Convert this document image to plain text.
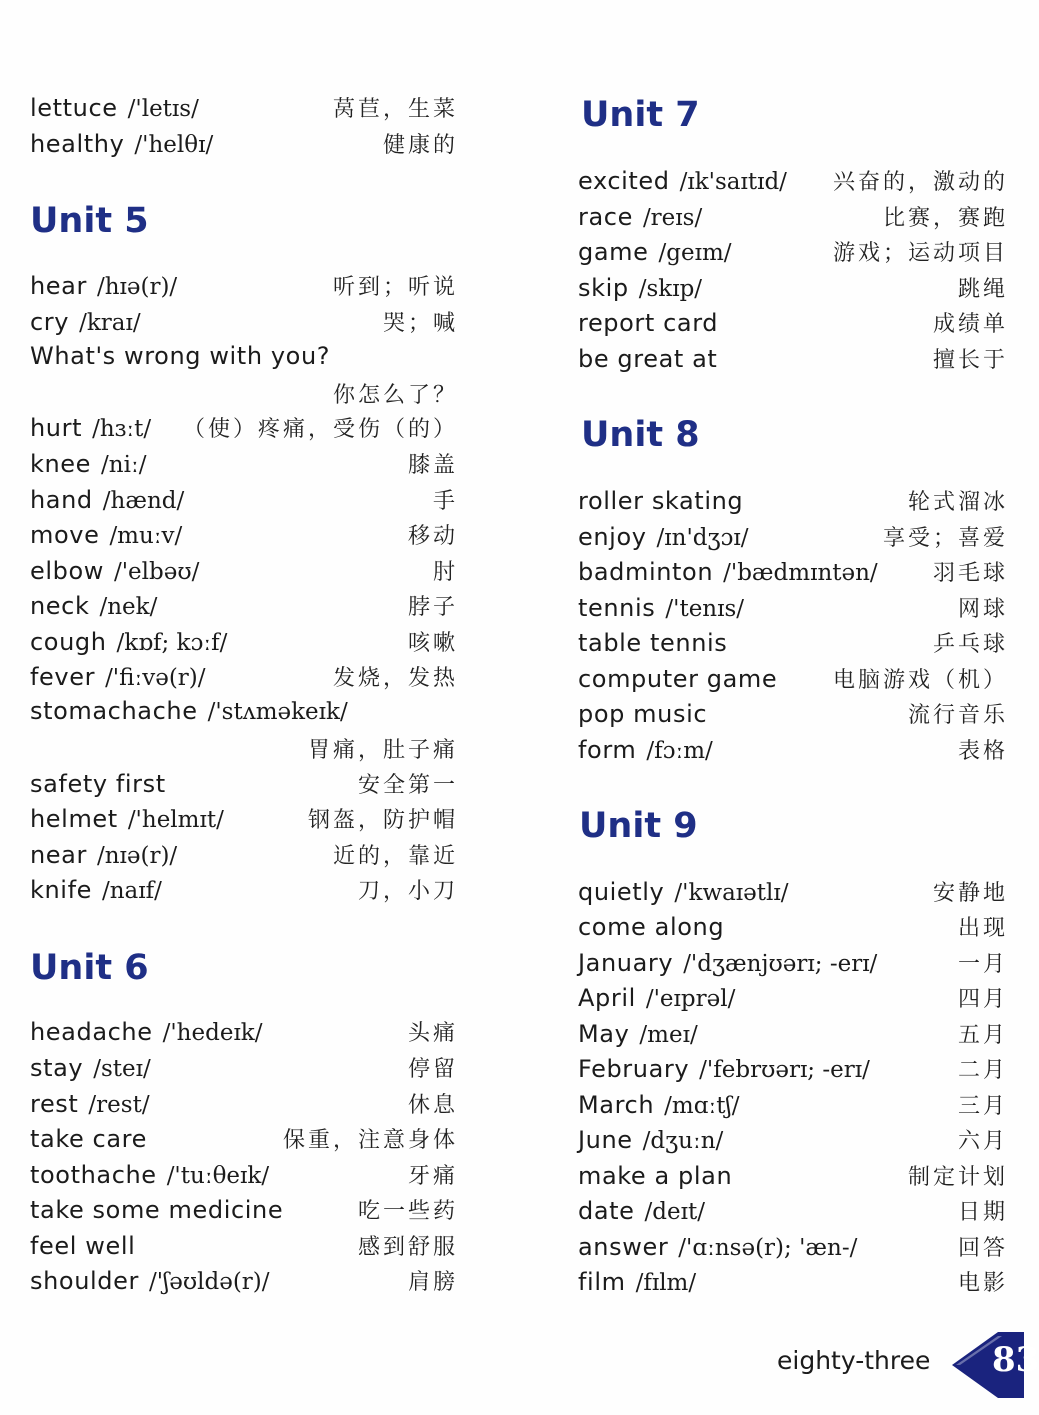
lettuce /'letɪs/	莴苣，生菜
healthy /'helθɪ/	健康的
Unit 5
hear /hɪə(r)/	听到；听说
cry /kraɪ/	哭；喊
What's wrong with you?
你怎么了？
hurt /hɜːt/ （使）疼痛，受伤（的）
knee /niː/	膝盖
hand /hænd/	手
move /muːv/	移动
elbow /'elbəʊ/	肘
neck /nek/	脖子
cough /kɒf; kɔːf/	咳嗽
fever /'fiːvə(r)/	发烧，发热
stomachache /'stʌməkeɪk/
胃痛，肚子痛
safety first	安全第一
helmet /'helmɪt/	钢盔，防护帽
near /nɪə(r)/	近的，靠近
knife /naɪf/	刀，小刀
Unit 6
headache /'hedeɪk/	头痛
stay /steɪ/	停留
rest /rest/	休息
take care	保重，注意身体
toothache /'tuːθeɪk/	牙痛
take some medicine	吃一些药
feel well	感到舒服
shoulder /'ʃəʊldə(r)/	肩膀
Unit 7
excited /ɪk'saɪtɪd/ 兴奋的，激动的
race /reɪs/	比赛，赛跑
game /geɪm/	游戏；运动项目
skip /skɪp/	跳绳
report card	成绩单
be great at	擅长于
Unit 8
roller skating	轮式溜冰
enjoy /ɪn'dʒɔɪ/	享受；喜爱
badminton /'bædmɪntən/	羽毛球
tennis /'tenɪs/	网球
table tennis	乒乓球
computer game	电脑游戏（机）
pop music	流行音乐
form /fɔːm/	表格
Unit 9
quietly /'kwaɪətlɪ/	安静地
come along	出现
January /'dʒænjʊərɪ; -erɪ/	一月
April /'eɪprəl/	四月
May /meɪ/	五月
February /'febrʊərɪ; -erɪ/	二月
March /mɑːtʃ/	三月
June /dʒuːn/	六月
make a plan	制定计划
date /deɪt/	日期
answer /'ɑːnsə(r); 'æn-/	回答
film /fɪlm/	电影
eighty-three 83
